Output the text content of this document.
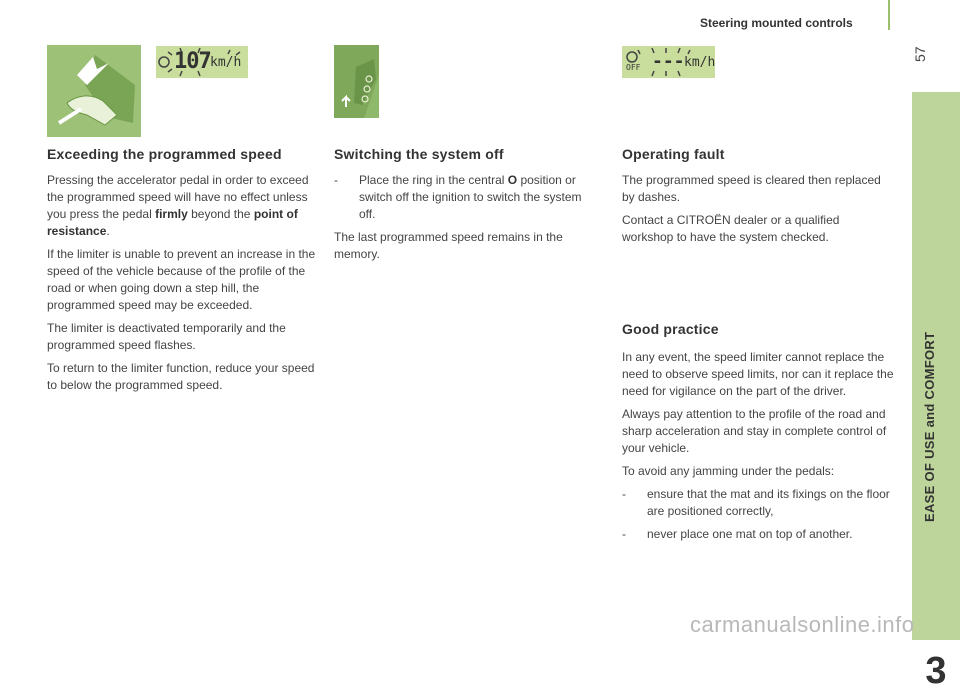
Steering mounted controls
57
EASE OF USE and COMFORT
3
107 km/h	OFF --- km/h
Exceeding the programmed speed

Pressing the accelerator pedal in order to exceed the programmed speed will have no effect unless you press the pedal firmly beyond the point of resistance.

If the limiter is unable to prevent an increase in the speed of the vehicle because of the profile of the road or when going down a step hill, the programmed speed may be exceeded.

The limiter is deactivated temporarily and the programmed speed flashes.

To return to the limiter function, reduce your speed to below the programmed speed.

Switching the system off
- Place the ring in the central O position or switch off the ignition to switch the system off.

The last programmed speed remains in the memory.

Operating fault

The programmed speed is cleared then replaced by dashes.

Contact a CITROËN dealer or a qualified workshop to have the system checked.

Good practice

In any event, the speed limiter cannot replace the need to observe speed limits, nor can it replace the need for vigilance on the part of the driver.

Always pay attention to the profile of the road and sharp acceleration and stay in complete control of your vehicle.

To avoid any jamming under the pedals:

- ensure that the mat and its fixings on the floor are positioned correctly,
- never place one mat on top of another.
carmanualsonline.info
